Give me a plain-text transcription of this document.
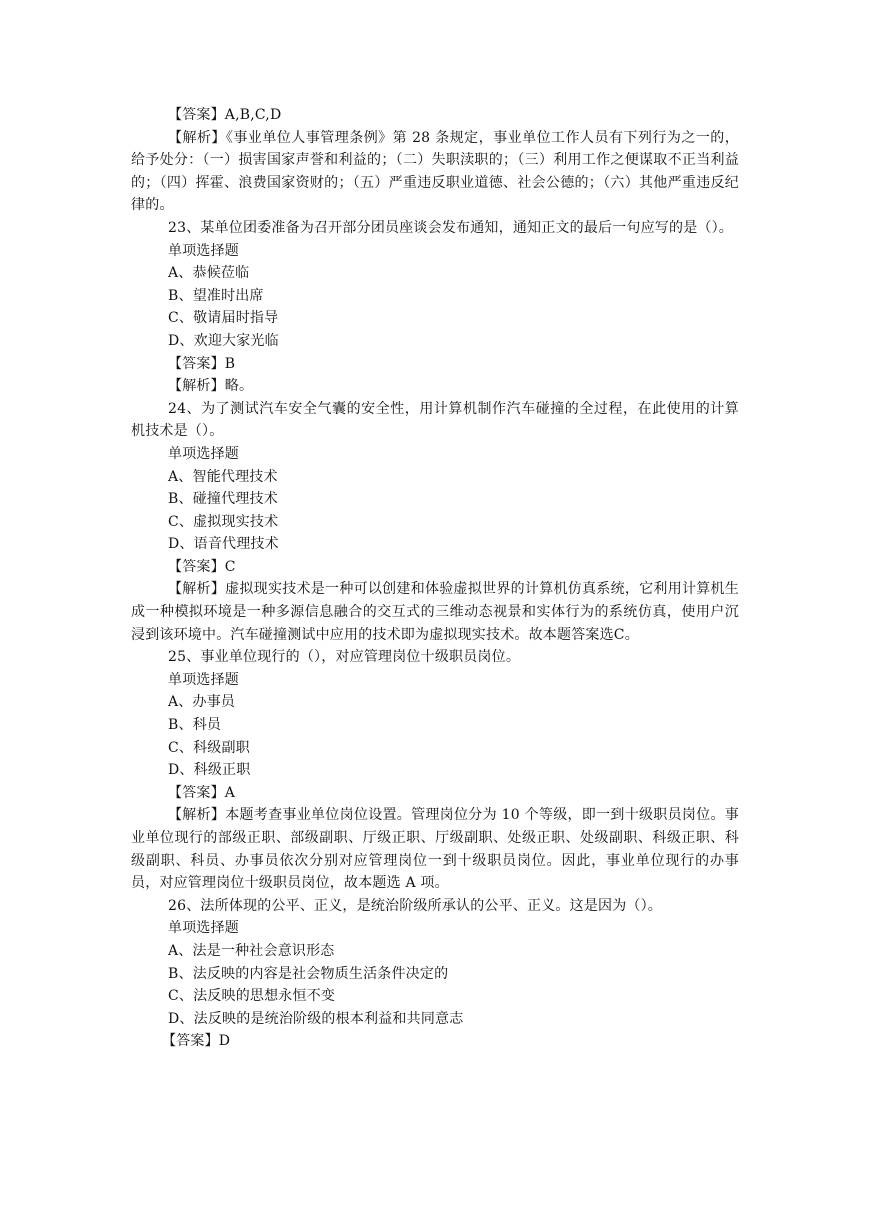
【答案】A,B,C,D
【解析】《事业单位人事管理条例》第 28 条规定，事业单位工作人员有下列行为之一的，给予处分：（一）损害国家声誉和利益的；（二）失职渎职的；（三）利用工作之便谋取不正当利益的；（四）挥霍、浪费国家资财的；（五）严重违反职业道德、社会公德的；（六）其他严重违反纪律的。
23、某单位团委准备为召开部分团员座谈会发布通知，通知正文的最后一句应写的是（）。
单项选择题
A、恭候莅临
B、望准时出席
C、敬请届时指导
D、欢迎大家光临
【答案】B
【解析】略。
24、为了测试汽车安全气囊的安全性，用计算机制作汽车碰撞的全过程，在此使用的计算机技术是（）。
单项选择题
A、智能代理技术
B、碰撞代理技术
C、虚拟现实技术
D、语音代理技术
【答案】C
【解析】虚拟现实技术是一种可以创建和体验虚拟世界的计算机仿真系统，它利用计算机生成一种模拟环境是一种多源信息融合的交互式的三维动态视景和实体行为的系统仿真，使用户沉浸到该环境中。汽车碰撞测试中应用的技术即为虚拟现实技术。故本题答案选C。
25、事业单位现行的（），对应管理岗位十级职员岗位。
单项选择题
A、办事员
B、科员
C、科级副职
D、科级正职
【答案】A
【解析】本题考查事业单位岗位设置。管理岗位分为 10 个等级，即一到十级职员岗位。事业单位现行的部级正职、部级副职、厅级正职、厅级副职、处级正职、处级副职、科级正职、科级副职、科员、办事员依次分别对应管理岗位一到十级职员岗位。因此，事业单位现行的办事员，对应管理岗位十级职员岗位，故本题选 A 项。
26、法所体现的公平、正义，是统治阶级所承认的公平、正义。这是因为（）。
单项选择题
A、法是一种社会意识形态
B、法反映的内容是社会物质生活条件决定的
C、法反映的思想永恒不变
D、法反映的是统治阶级的根本利益和共同意志
【答案】D
